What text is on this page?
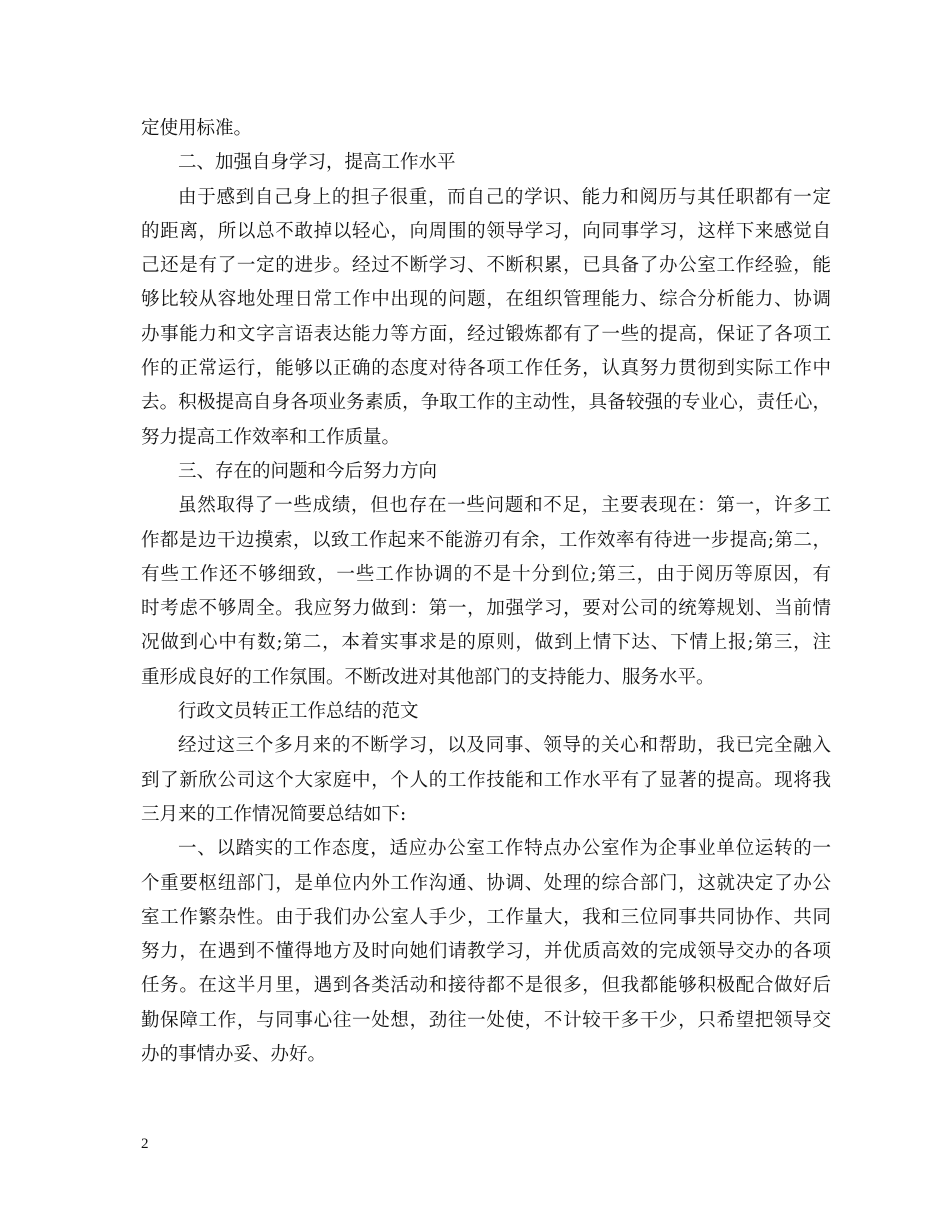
定使用标准。
二、加强自身学习，提高工作水平
由于感到自己身上的担子很重，而自己的学识、能力和阅历与其任职都有一定
的距离，所以总不敢掉以轻心，向周围的领导学习，向同事学习，这样下来感觉自
己还是有了一定的进步。经过不断学习、不断积累，已具备了办公室工作经验，能
够比较从容地处理日常工作中出现的问题，在组织管理能力、综合分析能力、协调
办事能力和文字言语表达能力等方面，经过锻炼都有了一些的提高，保证了各项工
作的正常运行，能够以正确的态度对待各项工作任务，认真努力贯彻到实际工作中
去。积极提高自身各项业务素质，争取工作的主动性，具备较强的专业心，责任心，
努力提高工作效率和工作质量。
三、存在的问题和今后努力方向
虽然取得了一些成绩，但也存在一些问题和不足，主要表现在：第一，许多工
作都是边干边摸索，以致工作起来不能游刃有余，工作效率有待进一步提高;第二，
有些工作还不够细致，一些工作协调的不是十分到位;第三，由于阅历等原因，有
时考虑不够周全。我应努力做到：第一，加强学习，要对公司的统筹规划、当前情
况做到心中有数;第二，本着实事求是的原则，做到上情下达、下情上报;第三，注
重形成良好的工作氛围。不断改进对其他部门的支持能力、服务水平。
行政文员转正工作总结的范文
经过这三个多月来的不断学习，以及同事、领导的关心和帮助，我已完全融入
到了新欣公司这个大家庭中，个人的工作技能和工作水平有了显著的提高。现将我
三月来的工作情况简要总结如下:
一、以踏实的工作态度，适应办公室工作特点办公室作为企事业单位运转的一
个重要枢纽部门，是单位内外工作沟通、协调、处理的综合部门，这就决定了办公
室工作繁杂性。由于我们办公室人手少，工作量大，我和三位同事共同协作、共同
努力，在遇到不懂得地方及时向她们请教学习，并优质高效的完成领导交办的各项
任务。在这半月里，遇到各类活动和接待都不是很多，但我都能够积极配合做好后
勤保障工作，与同事心往一处想，劲往一处使，不计较干多干少，只希望把领导交
办的事情办妥、办好。
2
